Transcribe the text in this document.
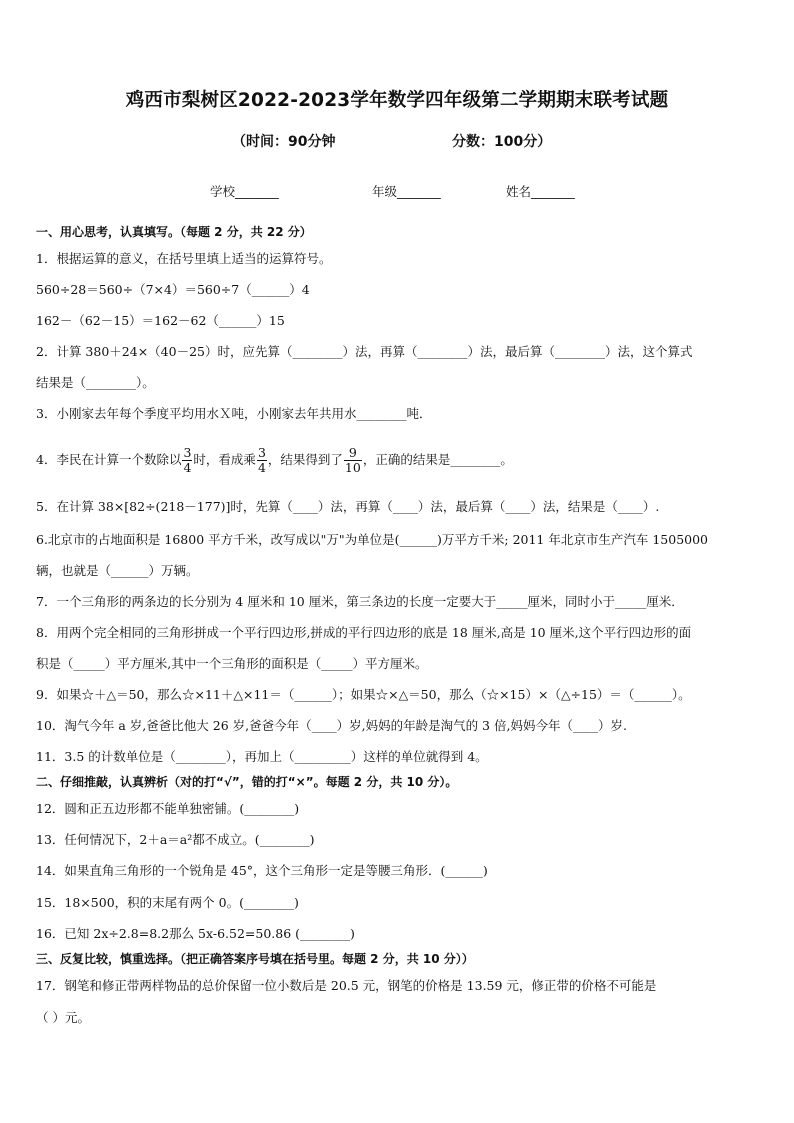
鸡西市梨树区2022-2023学年数学四年级第二学期期末联考试题
（时间：90分钟	分数：100分）
学校_______	年级_______	姓名_______
一、用心思考，认真填写。（每题 2 分，共 22 分）
1．根据运算的意义，在括号里填上适当的运算符号。
560÷28＝560÷（7×4）＝560÷7（______）4
162－（62－15）＝162－62（______）15
2．计算 380＋24×（40－25）时，应先算（________）法，再算（________）法，最后算（________）法，这个算式
结果是（________）。
3．小刚家去年每个季度平均用水Ｘ吨，小刚家去年共用水________吨．
4．李民在计算一个数除以 $\frac{3}{4}$ 时，看成乘 $\frac{3}{4}$ ，结果得到了 $\frac{9}{10}$ ，正确的结果是________。
5．在计算 38×[82÷(218－177)]时，先算（____）法，再算（____）法，最后算（____）法，结果是（____）.
6.北京市的占地面积是 16800 平方千米，改写成以"万"为单位是(______)万平方千米; 2011 年北京市生产汽车 1505000
辆，也就是（______）万辆。
7．一个三角形的两条边的长分别为 4 厘米和 10 厘米，第三条边的长度一定要大于_____厘米，同时小于_____厘米．
8．用两个完全相同的三角形拼成一个平行四边形,拼成的平行四边形的底是 18 厘米,高是 10 厘米,这个平行四边形的面
积是（_____）平方厘米,其中一个三角形的面积是（_____）平方厘米。
9．如果☆＋△＝50，那么☆×11＋△×11＝（______）；如果☆×△＝50，那么（☆×15）×（△÷15）＝（______）。
10．淘气今年 a 岁,爸爸比他大 26 岁,爸爸今年（____）岁,妈妈的年龄是淘气的 3 倍,妈妈今年（____）岁.
11．3.5 的计数单位是（________），再加上（_________）这样的单位就得到 4。
二、仔细推敲，认真辨析（对的打“√”，错的打“×”。每题 2 分，共 10 分）。
12．圆和正五边形都不能单独密铺。(________)
13．任何情况下，2＋a＝a²都不成立。(________)
14．如果直角三角形的一个锐角是 45°，这个三角形一定是等腰三角形．(______)
15．18×500，积的末尾有两个 0。(________)
16．已知 2x÷2.8=8.2那么 5x-6.52=50.86 (________)
三、反复比较，慎重选择。（把正确答案序号填在括号里。每题 2 分，共 10 分））
17．钢笔和修正带两样物品的总价保留一位小数后是 20.5 元，钢笔的价格是 13.59 元，修正带的价格不可能是
（ ）元。
